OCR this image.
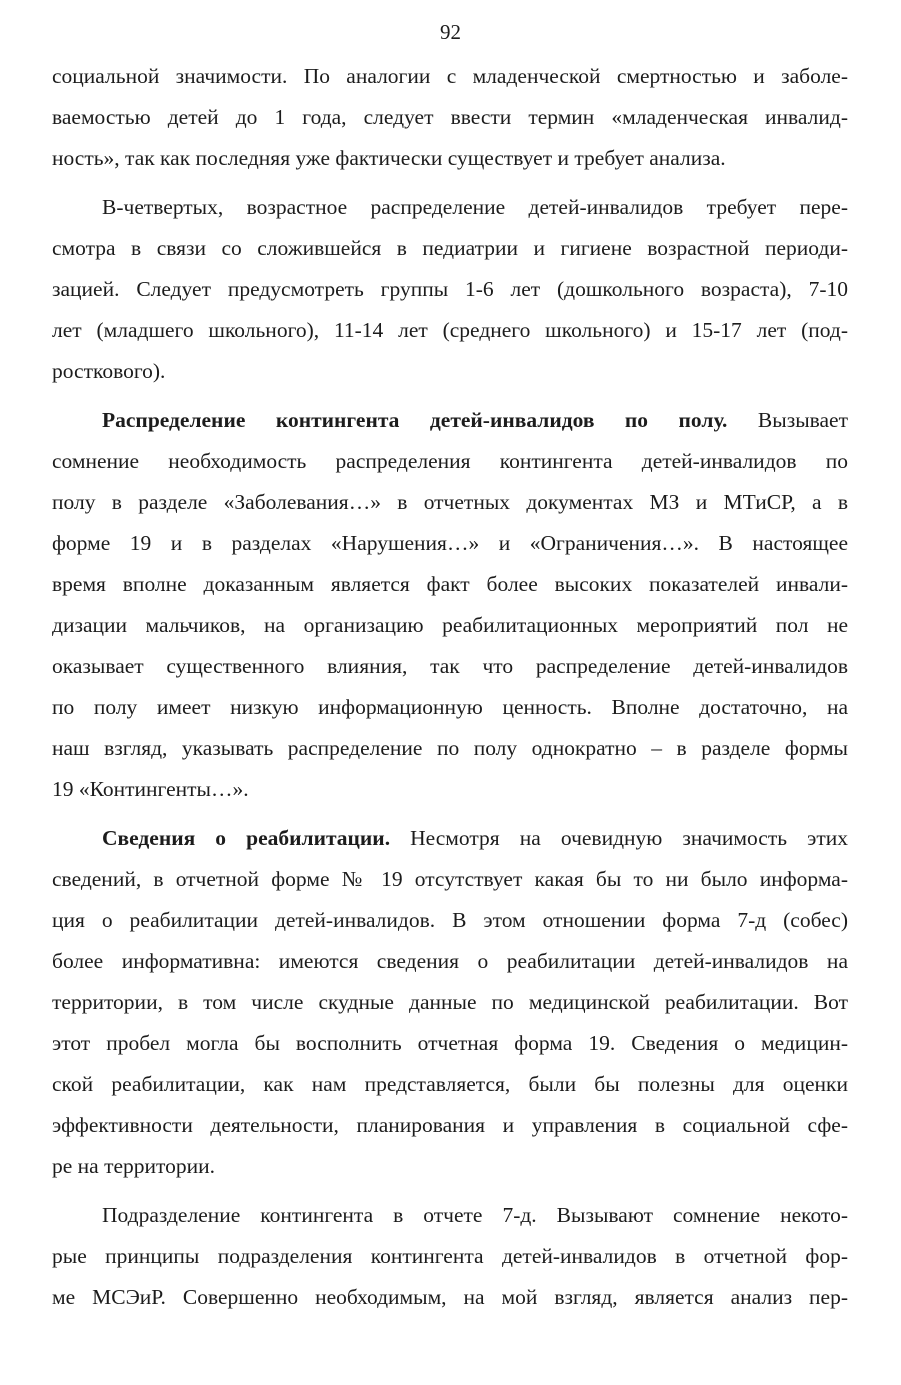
92
социальной значимости. По аналогии с младенческой смертностью и заболе-
ваемостью детей до 1 года, следует ввести термин «младенческая инвалид-
ность», так как последняя уже фактически существует и требует анализа.
В-четвертых, возрастное распределение детей-инвалидов требует пере-
смотра в связи со сложившейся в педиатрии и гигиене возрастной периоди-
зацией. Следует предусмотреть группы 1-6 лет (дошкольного возраста), 7-10
лет (младшего школьного), 11-14 лет (среднего школьного) и 15-17 лет (под-
росткового).
Распределение контингента детей-инвалидов по полу. Вызывает
сомнение необходимость распределения контингента детей-инвалидов по
полу в разделе «Заболевания…» в отчетных документах МЗ и МТиСР, а в
форме 19 и в разделах «Нарушения…» и «Ограничения…». В настоящее
время вполне доказанным является факт более высоких показателей инвали-
дизации мальчиков, на организацию реабилитационных мероприятий пол не
оказывает существенного влияния, так что распределение детей-инвалидов
по полу имеет низкую информационную ценность. Вполне достаточно, на
наш взгляд, указывать распределение по полу однократно – в разделе формы
19 «Контингенты…».
Сведения о реабилитации. Несмотря на очевидную значимость этих
сведений, в отчетной форме № 19 отсутствует какая бы то ни было информа-
ция о реабилитации детей-инвалидов. В этом отношении форма 7-д (собес)
более информативна: имеются сведения о реабилитации детей-инвалидов на
территории, в том числе скудные данные по медицинской реабилитации. Вот
этот пробел могла бы восполнить отчетная форма 19. Сведения о медицин-
ской реабилитации, как нам представляется, были бы полезны для оценки
эффективности деятельности, планирования и управления в социальной сфе-
ре на территории.
Подразделение контингента в отчете 7-д. Вызывают сомнение некото-
рые принципы подразделения контингента детей-инвалидов в отчетной фор-
ме МСЭиР. Совершенно необходимым, на мой взгляд, является анализ пер-
